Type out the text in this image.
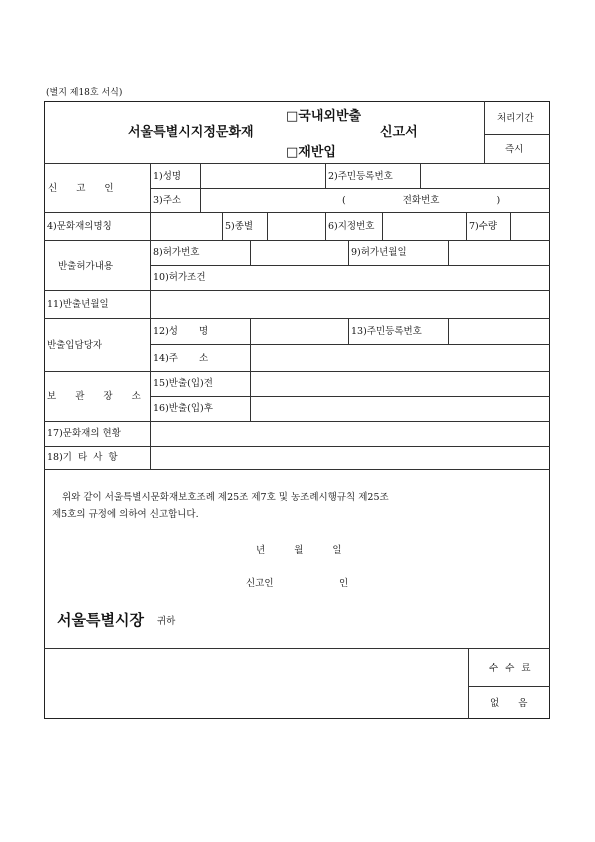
(별지 제18호 서식)
서울특별시지정문화재
□국내외반출
□재반입
신고서
처리기간
즉시
신 고 인
1)성명	2)주민등록번호
3)주소	( 전화번호 )
4)문화재의명칭	5)종별	6)지정번호	7)수량
반출허가내용
8)허가번호	9)허가년월일
10)허가조건
11)반출년월일
반출입담당자
12)성 명	13)주민등록번호
14)주 소
보 관 장 소
15)반출(입)전
16)반출(입)후
17)문화재의 현황
18)기 타 사 항
위와 같이 서울특별시문화재보호조례 제25조 제7호 및 농조례시행규칙 제25조
제5호의 규정에 의하여 신고합니다.
년 월 일
신고인	인
서울특별시장 귀하
수 수 료
없 음
